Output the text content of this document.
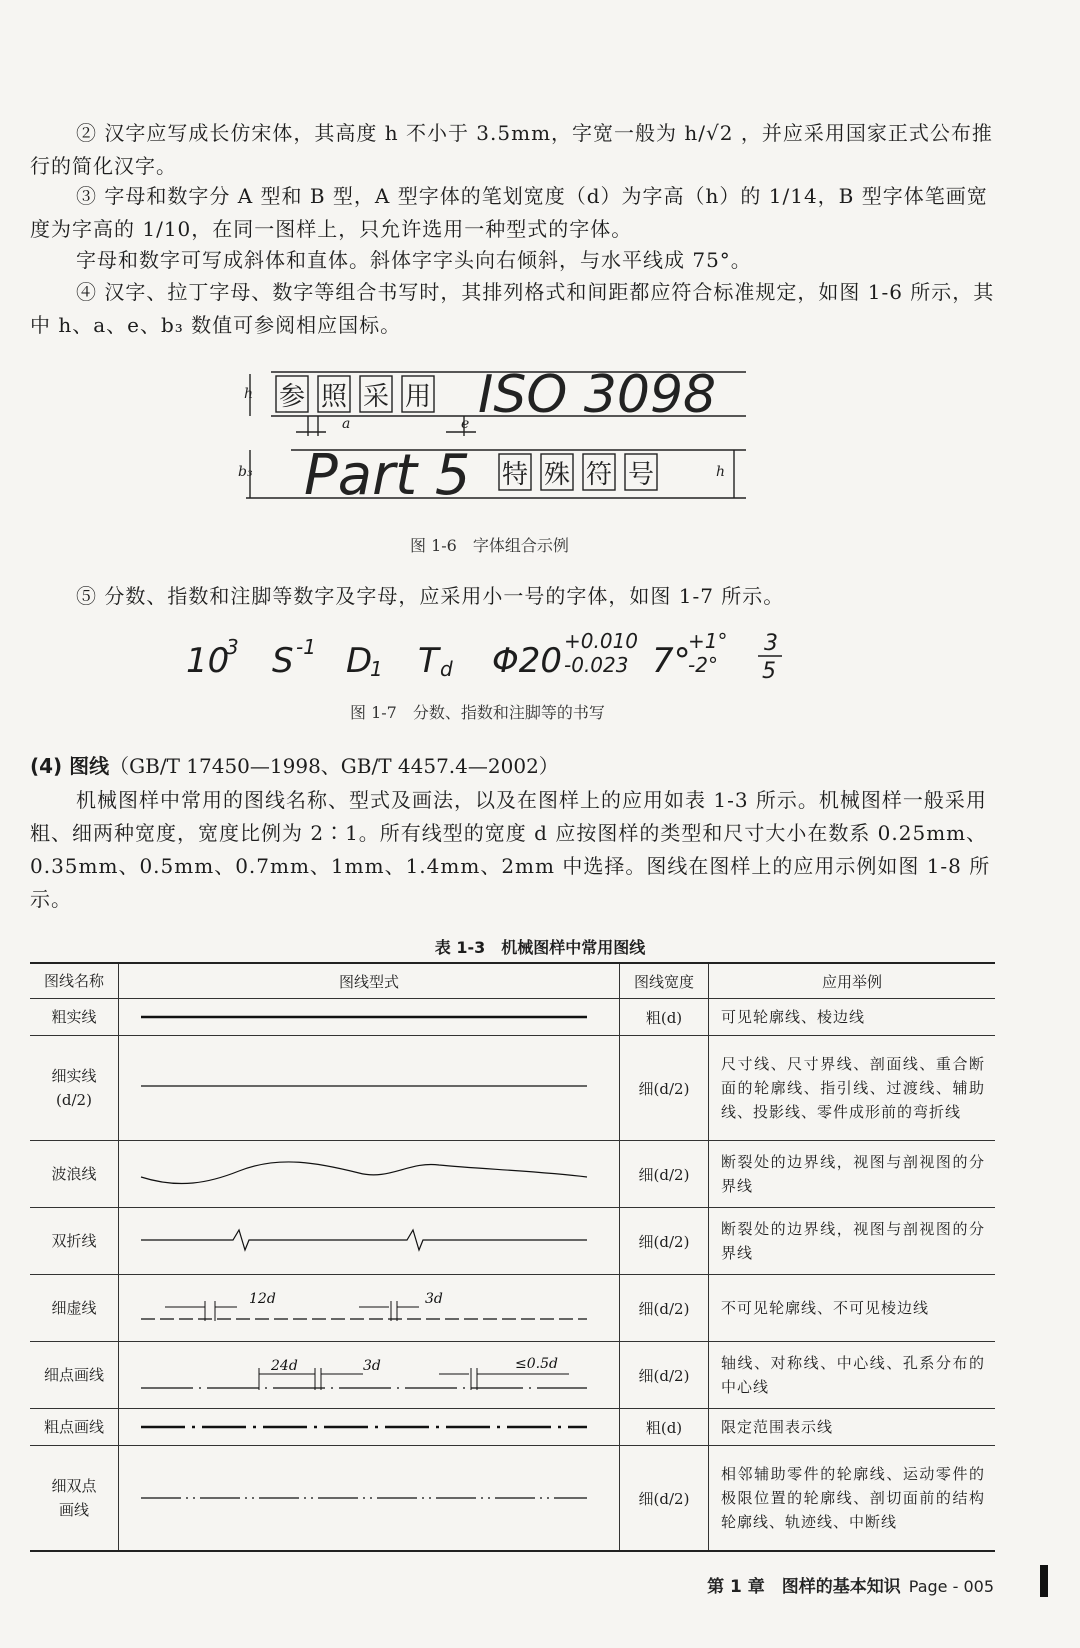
② 汉字应写成长仿宋体，其高度 h 不小于 3.5mm，字宽一般为 h/√2 ，并应采用国家正式公布推行的简化汉字。

③ 字母和数字分 A 型和 B 型，A 型字体的笔划宽度（d）为字高（h）的 1/14，B 型字体笔画宽度为字高的 1/10，在同一图样上，只允许选用一种型式的字体。

字母和数字可写成斜体和直体。斜体字字头向右倾斜，与水平线成 75°。

④ 汉字、拉丁字母、数字等组合书写时，其排列格式和间距都应符合标准规定，如图 1-6 所示，其中 h、a、e、b₃ 数值可参阅相应国标。

参 照 采 用 ISO 3098
Part 5 特 殊 符 号
h
a	e
b₃	h
图 1-6　字体组合示例

⑤ 分数、指数和注脚等数字及字母，应采用小一号的字体，如图 1-7 所示。

10
3 S -1 D
1 T d Φ20 +0.010
-0.023 7°
+1°
-2°
3
5
图 1-7　分数、指数和注脚等的书写
(4) 图线（GB/T 17450—1998、GB/T 4457.4—2002）

机械图样中常用的图线名称、型式及画法，以及在图样上的应用如表 1-3 所示。机械图样一般采用粗、细两种宽度，宽度比例为 2∶1。所有线型的宽度 d 应按图样的类型和尺寸大小在数系 0.25mm、0.35mm、0.5mm、0.7mm、1mm、1.4mm、2mm 中选择。图线在图样上的应用示例如图 1-8 所示。

表 1-3　机械图样中常用图线
图线名称	图线型式	图线宽度	应用举例
粗实线		粗(d)	可见轮廓线、棱边线

细实线
(d/2)		细(d/2)	尺寸线、尺寸界线、剖面线、重合断面的轮廓线、指引线、过渡线、辅助线、投影线、零件成形前的弯折线
波浪线		细(d/2)	断裂处的边界线，视图与剖视图的分界线
双折线		细(d/2)	断裂处的边界线，视图与剖视图的分界线
细虚线	12d 3d	细(d/2)	不可见轮廓线、不可见棱边线
细点画线	24d 3d ≤0.5d	细(d/2)	轴线、对称线、中心线、孔系分布的中心线
粗点画线		粗(d)	限定范围表示线

细双点
画线		细(d/2)	相邻辅助零件的轮廓线、运动零件的极限位置的轮廓线、剖切面前的结构轮廓线、轨迹线、中断线
第 1 章　图样的基本知识 Page - 005
